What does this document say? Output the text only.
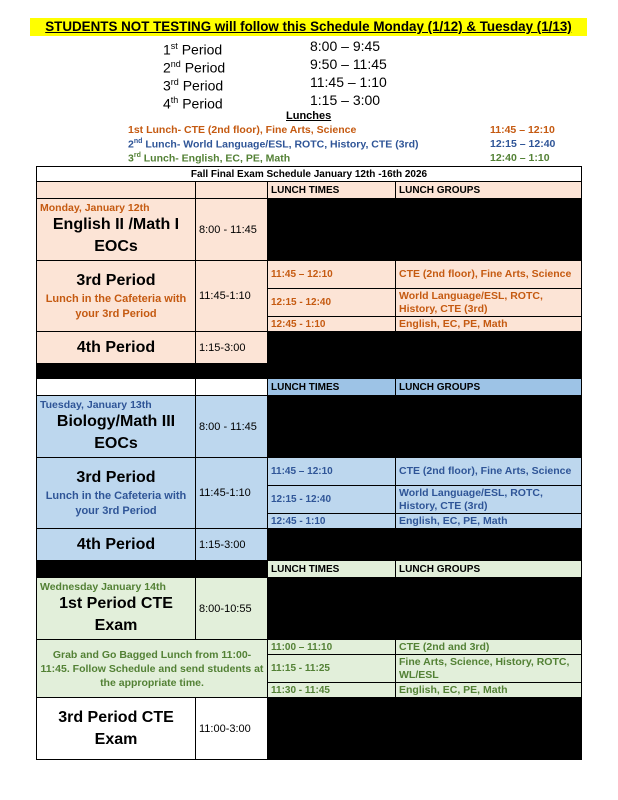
STUDENTS NOT TESTING will follow this Schedule Monday (1/12) & Tuesday (1/13)
1st Period	8:00 – 9:45
2nd Period	9:50 – 11:45
3rd Period	11:45 – 1:10
4th Period	1:15 – 3:00
Lunches
1st Lunch- CTE (2nd floor), Fine Arts, Science	11:45 – 12:10
2nd Lunch- World Language/ESL, ROTC, History, CTE (3rd)	12:15 – 12:40
3rd Lunch- English, EC, PE, Math	12:40 – 1:10
Fall Final Exam Schedule January 12th -16th 2026			
		LUNCH TIMES	LUNCH GROUPS

Monday, January 12th
English II /Math I EOCs	8:00 - 11:45		

3rd Period
Lunch in the Cafeteria with your 3rd Period	11:45-1:10	11:45 – 12:10	CTE (2nd floor), Fine Arts, Science
		12:15 - 12:40	World Language/ESL, ROTC, History, CTE (3rd)
		12:45 - 1:10	English, EC, PE, Math

4th Period	1:15-3:00		

		LUNCH TIMES	LUNCH GROUPS

Tuesday, January 13th
Biology/Math III EOCs	8:00 - 11:45		

3rd Period
Lunch in the Cafeteria with your 3rd Period	11:45-1:10	11:45 – 12:10	CTE (2nd floor), Fine Arts, Science
		12:15 - 12:40	World Language/ESL, ROTC, History, CTE (3rd)
		12:45 - 1:10	English, EC, PE, Math

4th Period	1:15-3:00		
		LUNCH TIMES	LUNCH GROUPS

Wednesday January 14th
1st Period CTE Exam	8:00-10:55		
Grab and Go Bagged Lunch from 11:00-11:45. Follow Schedule and send students at the appropriate time.		11:00 – 11:10	CTE (2nd and 3rd)
		11:15 - 11:25	Fine Arts, Science, History, ROTC, WL/ESL
		11:30 - 11:45	English, EC, PE, Math

3rd Period CTE Exam	11:00-3:00		
